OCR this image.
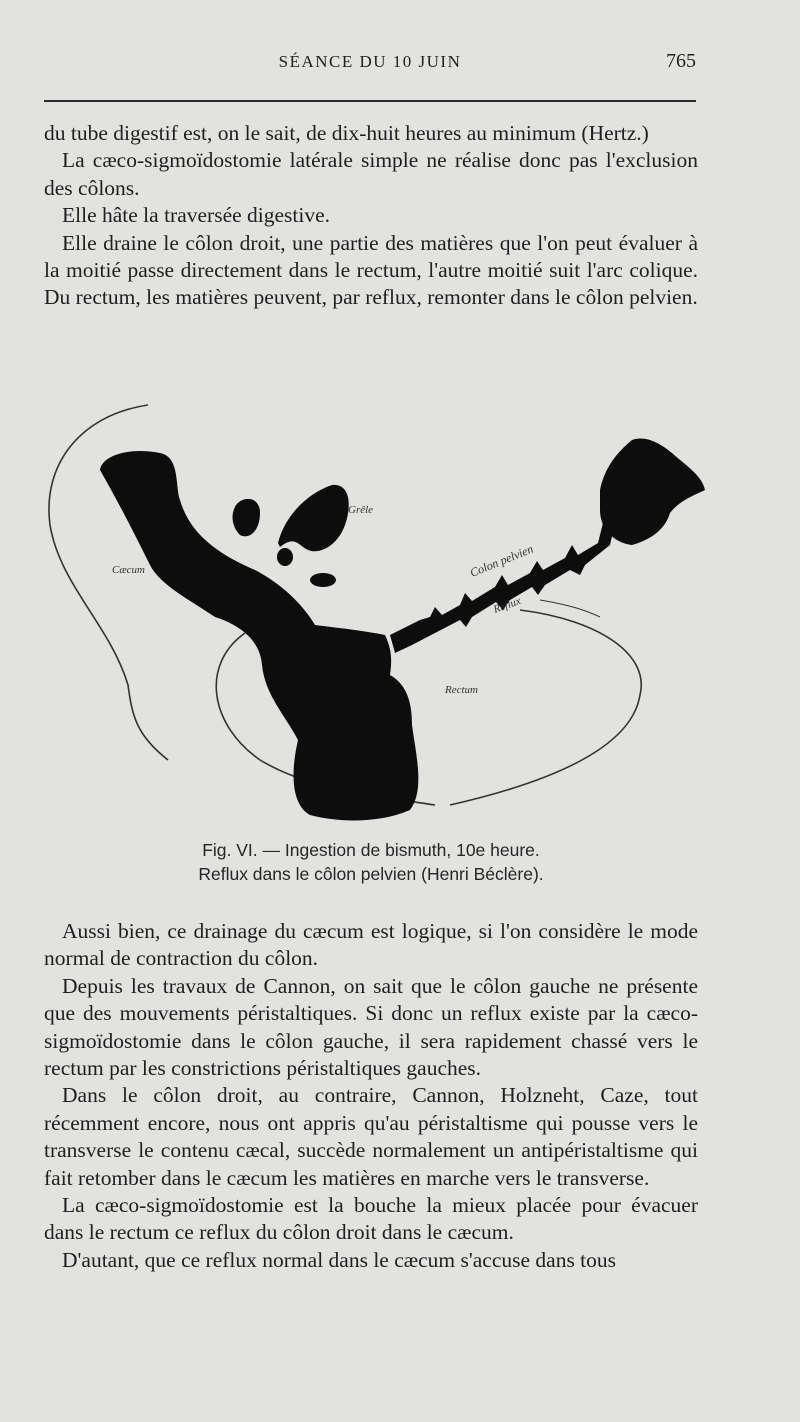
SÉANCE DU 10 JUIN	765

du tube digestif est, on le sait, de dix-huit heures au minimum (Hertz.)

La cæco-sigmoïdostomie latérale simple ne réalise donc pas l'exclusion des côlons.

Elle hâte la traversée digestive.

Elle draine le côlon droit, une partie des matières que l'on peut évaluer à la moitié passe directement dans le rectum, l'autre moitié suit l'arc colique. Du rectum, les matières peuvent, par reflux, remonter dans le côlon pelvien.

Cæcum
Grêle
Colon pelvien
Reflux
Rectum
Fig. VI. — Ingestion de bismuth, 10e heure.
Reflux dans le côlon pelvien (Henri Béclère).

Aussi bien, ce drainage du cæcum est logique, si l'on considère le mode normal de contraction du côlon.

Depuis les travaux de Cannon, on sait que le côlon gauche ne présente que des mouvements péristaltiques. Si donc un reflux existe par la cæco-sigmoïdostomie dans le côlon gauche, il sera rapidement chassé vers le rectum par les constrictions péristaltiques gauches.

Dans le côlon droit, au contraire, Cannon, Holzneht, Caze, tout récemment encore, nous ont appris qu'au péristaltisme qui pousse vers le transverse le contenu cæcal, succède normalement un antipéristaltisme qui fait retomber dans le cæcum les matières en marche vers le transverse.

La cæco-sigmoïdostomie est la bouche la mieux placée pour évacuer dans le rectum ce reflux du côlon droit dans le cæcum.

D'autant, que ce reflux normal dans le cæcum s'accuse dans tous
